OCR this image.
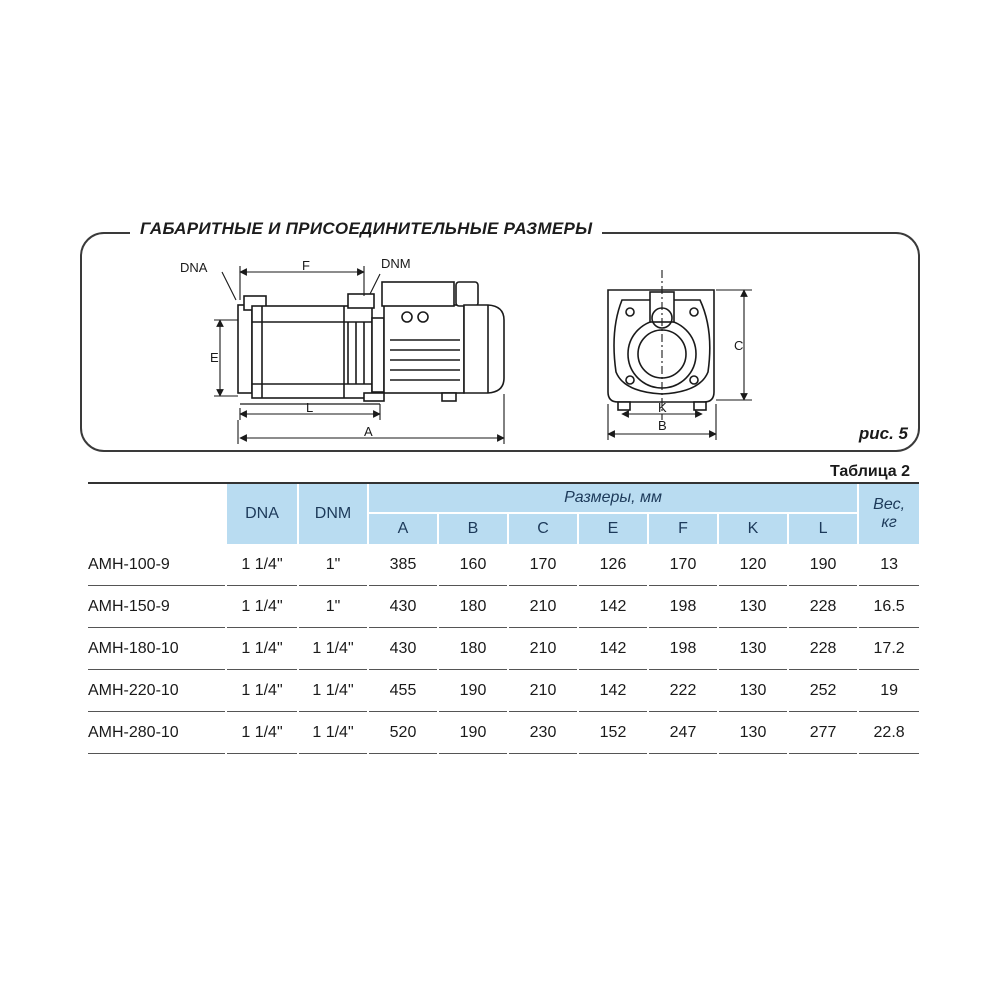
ГАБАРИТНЫЕ И ПРИСОЕДИНИТЕЛЬНЫЕ РАЗМЕРЫ
DNA	DNM
F
E
L
A
C
K
B	рис. 5
Таблица 2
	DNA	DNM	Размеры, мм							Вес,
кг
			A	B	C	E	F	K	L	
АМН-100-9	1 1/4"	1"	385	160	170	126	170	120	190	13
АМН-150-9	1 1/4"	1"	430	180	210	142	198	130	228	16.5
АМН-180-10	1 1/4"	1 1/4"	430	180	210	142	198	130	228	17.2
АМН-220-10	1 1/4"	1 1/4"	455	190	210	142	222	130	252	19
АМН-280-10	1 1/4"	1 1/4"	520	190	230	152	247	130	277	22.8
